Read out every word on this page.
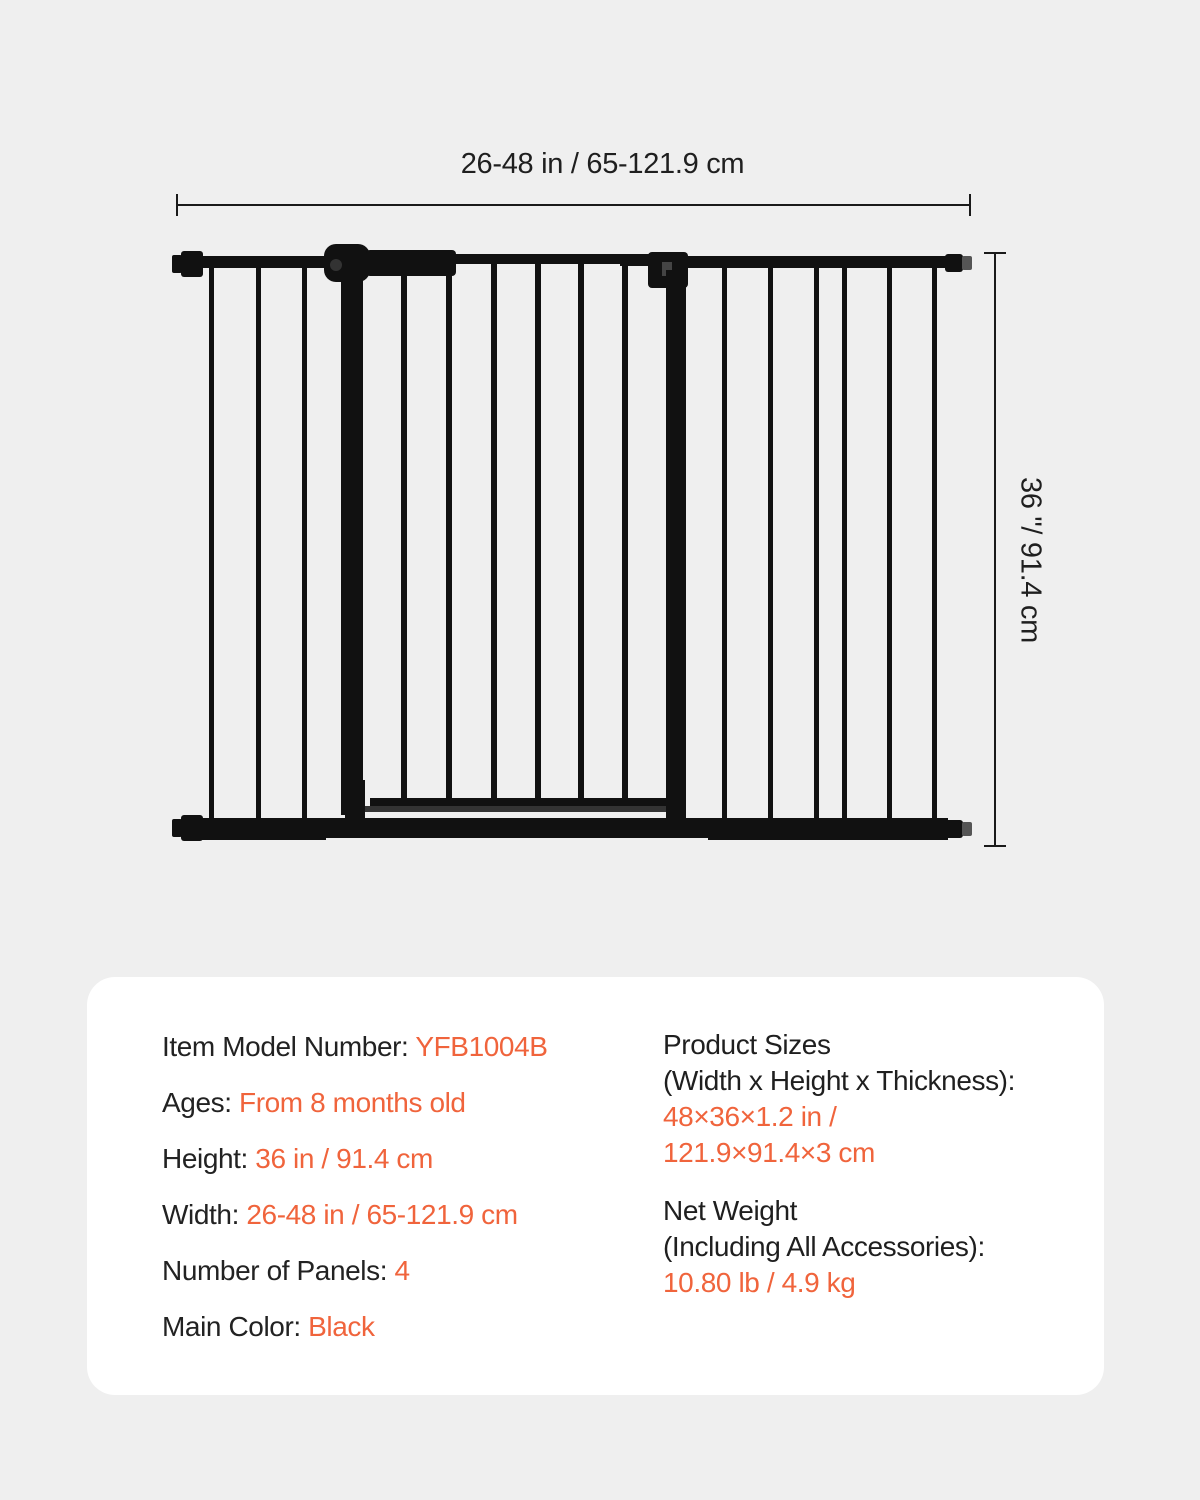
26-48 in / 65-121.9 cm
36 "/ 91.4 cm
Item Model Number: YFB1004B
Ages: From 8 months old
Height: 36 in / 91.4 cm
Width: 26-48 in / 65-121.9 cm
Number of Panels: 4
Main Color: Black
Product Sizes
(Width x Height x Thickness):
48×36×1.2 in /
121.9×91.4×3 cm
Net Weight
(Including All Accessories):
10.80 lb / 4.9 kg
